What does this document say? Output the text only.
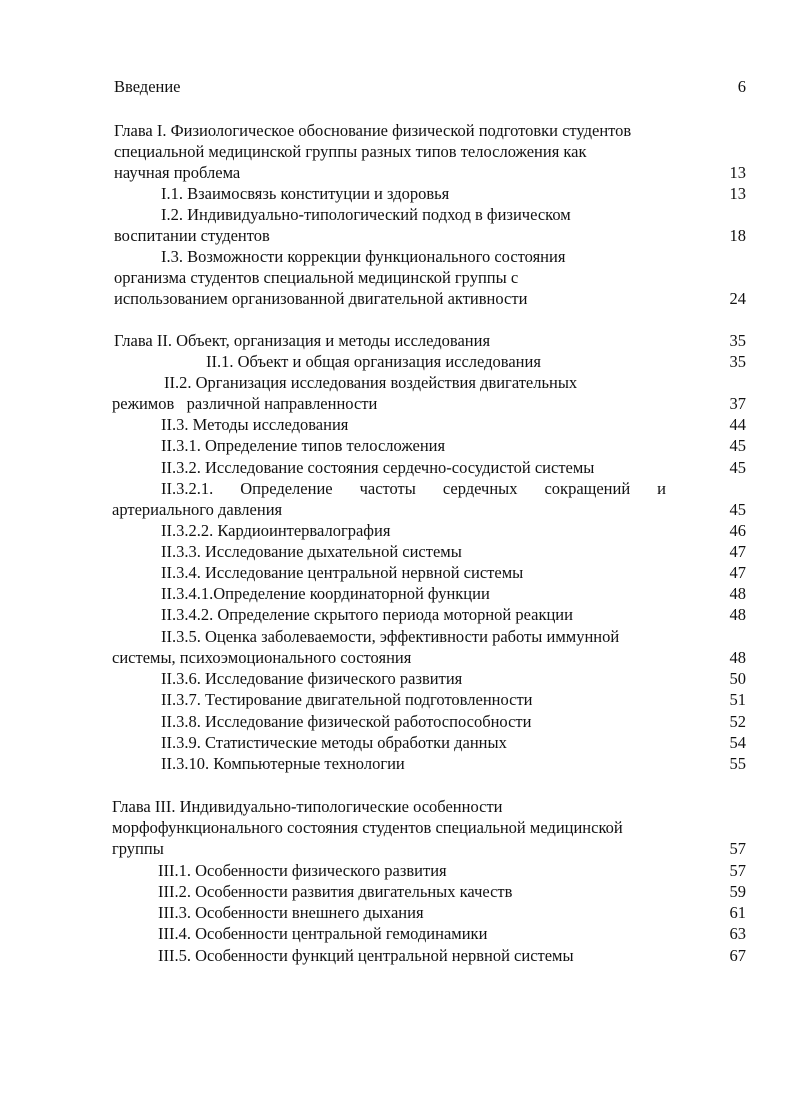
Введение	6
Глава I. Физиологическое обоснование физической подготовки студентов
специальной медицинской группы разных типов телосложения как
научная проблема	13
I.1. Взаимосвязь конституции и здоровья	13
I.2. Индивидуально-типологический подход в физическом
воспитании студентов	18
I.3. Возможности коррекции функционального состояния
организма студентов специальной медицинской группы с
использованием организованной двигательной активности	24
Глава II. Объект, организация и методы исследования	35
II.1. Объект и общая организация исследования	35
II.2. Организация исследования воздействия двигательных
режимов   различной направленности	37
II.3. Методы исследования	44
II.3.1. Определение типов телосложения	45
II.3.2. Исследование состояния сердечно-сосудистой системы	45
II.3.2.1. Определение частоты сердечных сокращений и
артериального давления	45
II.3.2.2. Кардиоинтервалография	46
II.3.3. Исследование дыхательной системы	47
II.3.4. Исследование центральной нервной системы	47
II.3.4.1.Определение координаторной функции	48
II.3.4.2. Определение скрытого периода моторной реакции	48
II.3.5. Оценка заболеваемости, эффективности работы иммунной
системы, психоэмоционального состояния	48
II.3.6. Исследование физического развития	50
II.3.7. Тестирование двигательной подготовленности	51
II.3.8. Исследование физической работоспособности	52
II.3.9. Статистические методы обработки данных	54
II.3.10. Компьютерные технологии	55
Глава III. Индивидуально-типологические особенности
морфофункционального состояния студентов специальной медицинской
группы	57
III.1. Особенности физического развития	57
III.2. Особенности развития двигательных качеств	59
III.3. Особенности внешнего дыхания	61
III.4. Особенности центральной гемодинамики	63
III.5. Особенности функций центральной нервной системы	67
